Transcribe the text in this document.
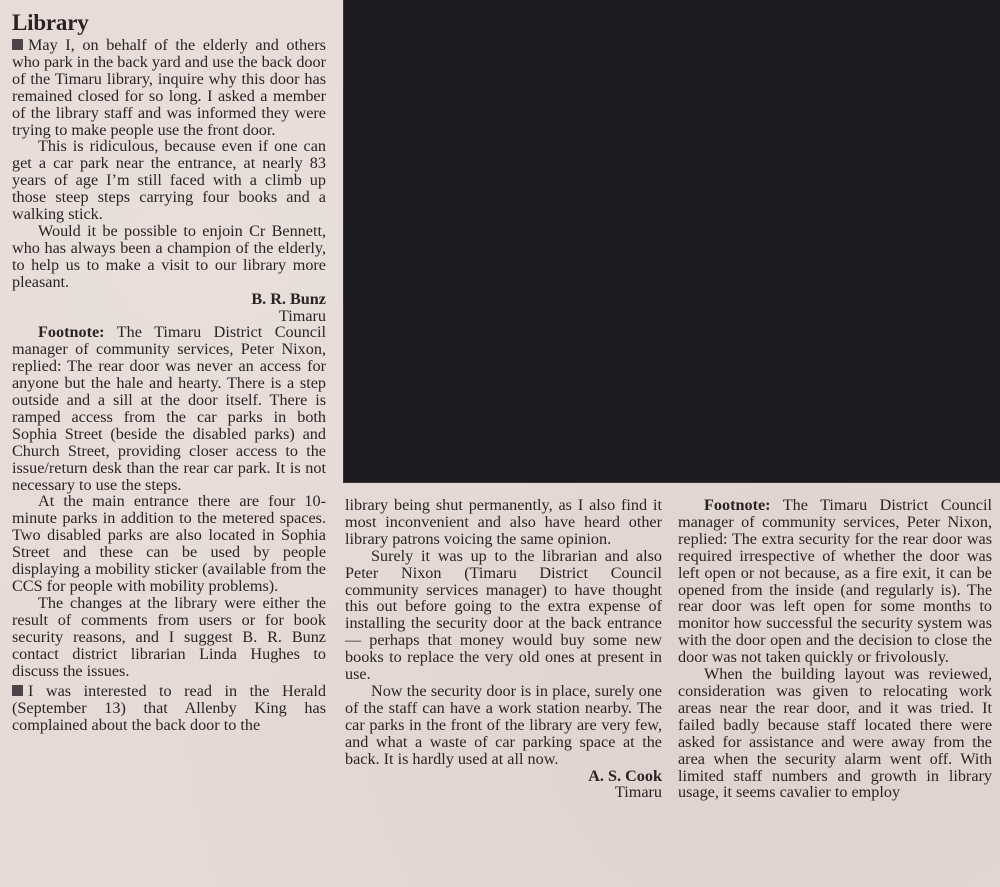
Library

May I, on behalf of the elderly and others who park in the back yard and use the back door of the Timaru library, inquire why this door has remained closed for so long. I asked a member of the library staff and was informed they were trying to make people use the front door.

This is ridiculous, because even if one can get a car park near the entrance, at nearly 83 years of age I’m still faced with a climb up those steep steps carrying four books and a walking stick.

Would it be possible to enjoin Cr Bennett, who has always been a champion of the elderly, to help us to make a visit to our library more pleasant.

B. R. Bunz

Timaru

Footnote: The Timaru District Council manager of community services, Peter Nixon, replied: The rear door was never an access for anyone but the hale and hearty. There is a step outside and a sill at the door itself. There is ramped access from the car parks in both Sophia Street (beside the disabled parks) and Church Street, providing closer access to the issue/return desk than the rear car park. It is not necessary to use the steps.

At the main entrance there are four 10-minute parks in addition to the metered spaces. Two disabled parks are also located in Sophia Street and these can be used by people displaying a mobility sticker (available from the CCS for people with mobility problems).

The changes at the library were either the result of comments from users or for book security reasons, and I suggest B. R. Bunz contact district librarian Linda Hughes to discuss the issues.

I was interested to read in the Herald (September 13) that Allenby King has complained about the back door to the

library being shut permanently, as I also find it most inconvenient and also have heard other library patrons voicing the same opinion.

Surely it was up to the librarian and also Peter Nixon (Timaru District Council community services manager) to have thought this out before going to the extra expense of installing the security door at the back entrance — perhaps that money would buy some new books to replace the very old ones at present in use.

Now the security door is in place, surely one of the staff can have a work station nearby. The car parks in the front of the library are very few, and what a waste of car parking space at the back. It is hardly used at all now.

A. S. Cook

Timaru

Footnote: The Timaru District Council manager of community services, Peter Nixon, replied: The extra security for the rear door was required irrespective of whether the door was left open or not because, as a fire exit, it can be opened from the inside (and regularly is). The rear door was left open for some months to monitor how successful the security system was with the door open and the decision to close the door was not taken quickly or frivolously.

When the building layout was reviewed, consideration was given to relocating work areas near the rear door, and it was tried. It failed badly because staff located there were asked for assistance and were away from the area when the security alarm went off. With limited staff numbers and growth in library usage, it seems cavalier to employ
